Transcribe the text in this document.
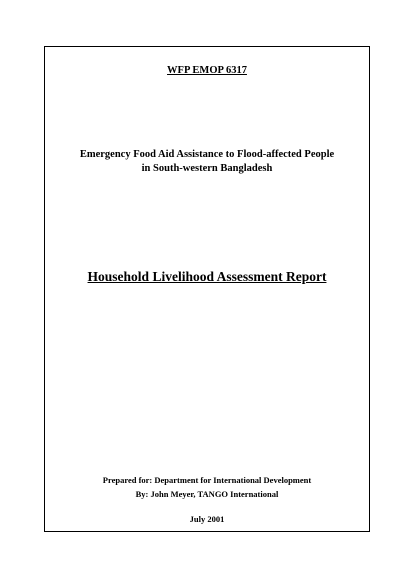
WFP EMOP 6317
Emergency Food Aid Assistance to Flood-affected People
in South-western Bangladesh
Household Livelihood Assessment Report
Prepared for: Department for International Development
By: John Meyer, TANGO International
July 2001
